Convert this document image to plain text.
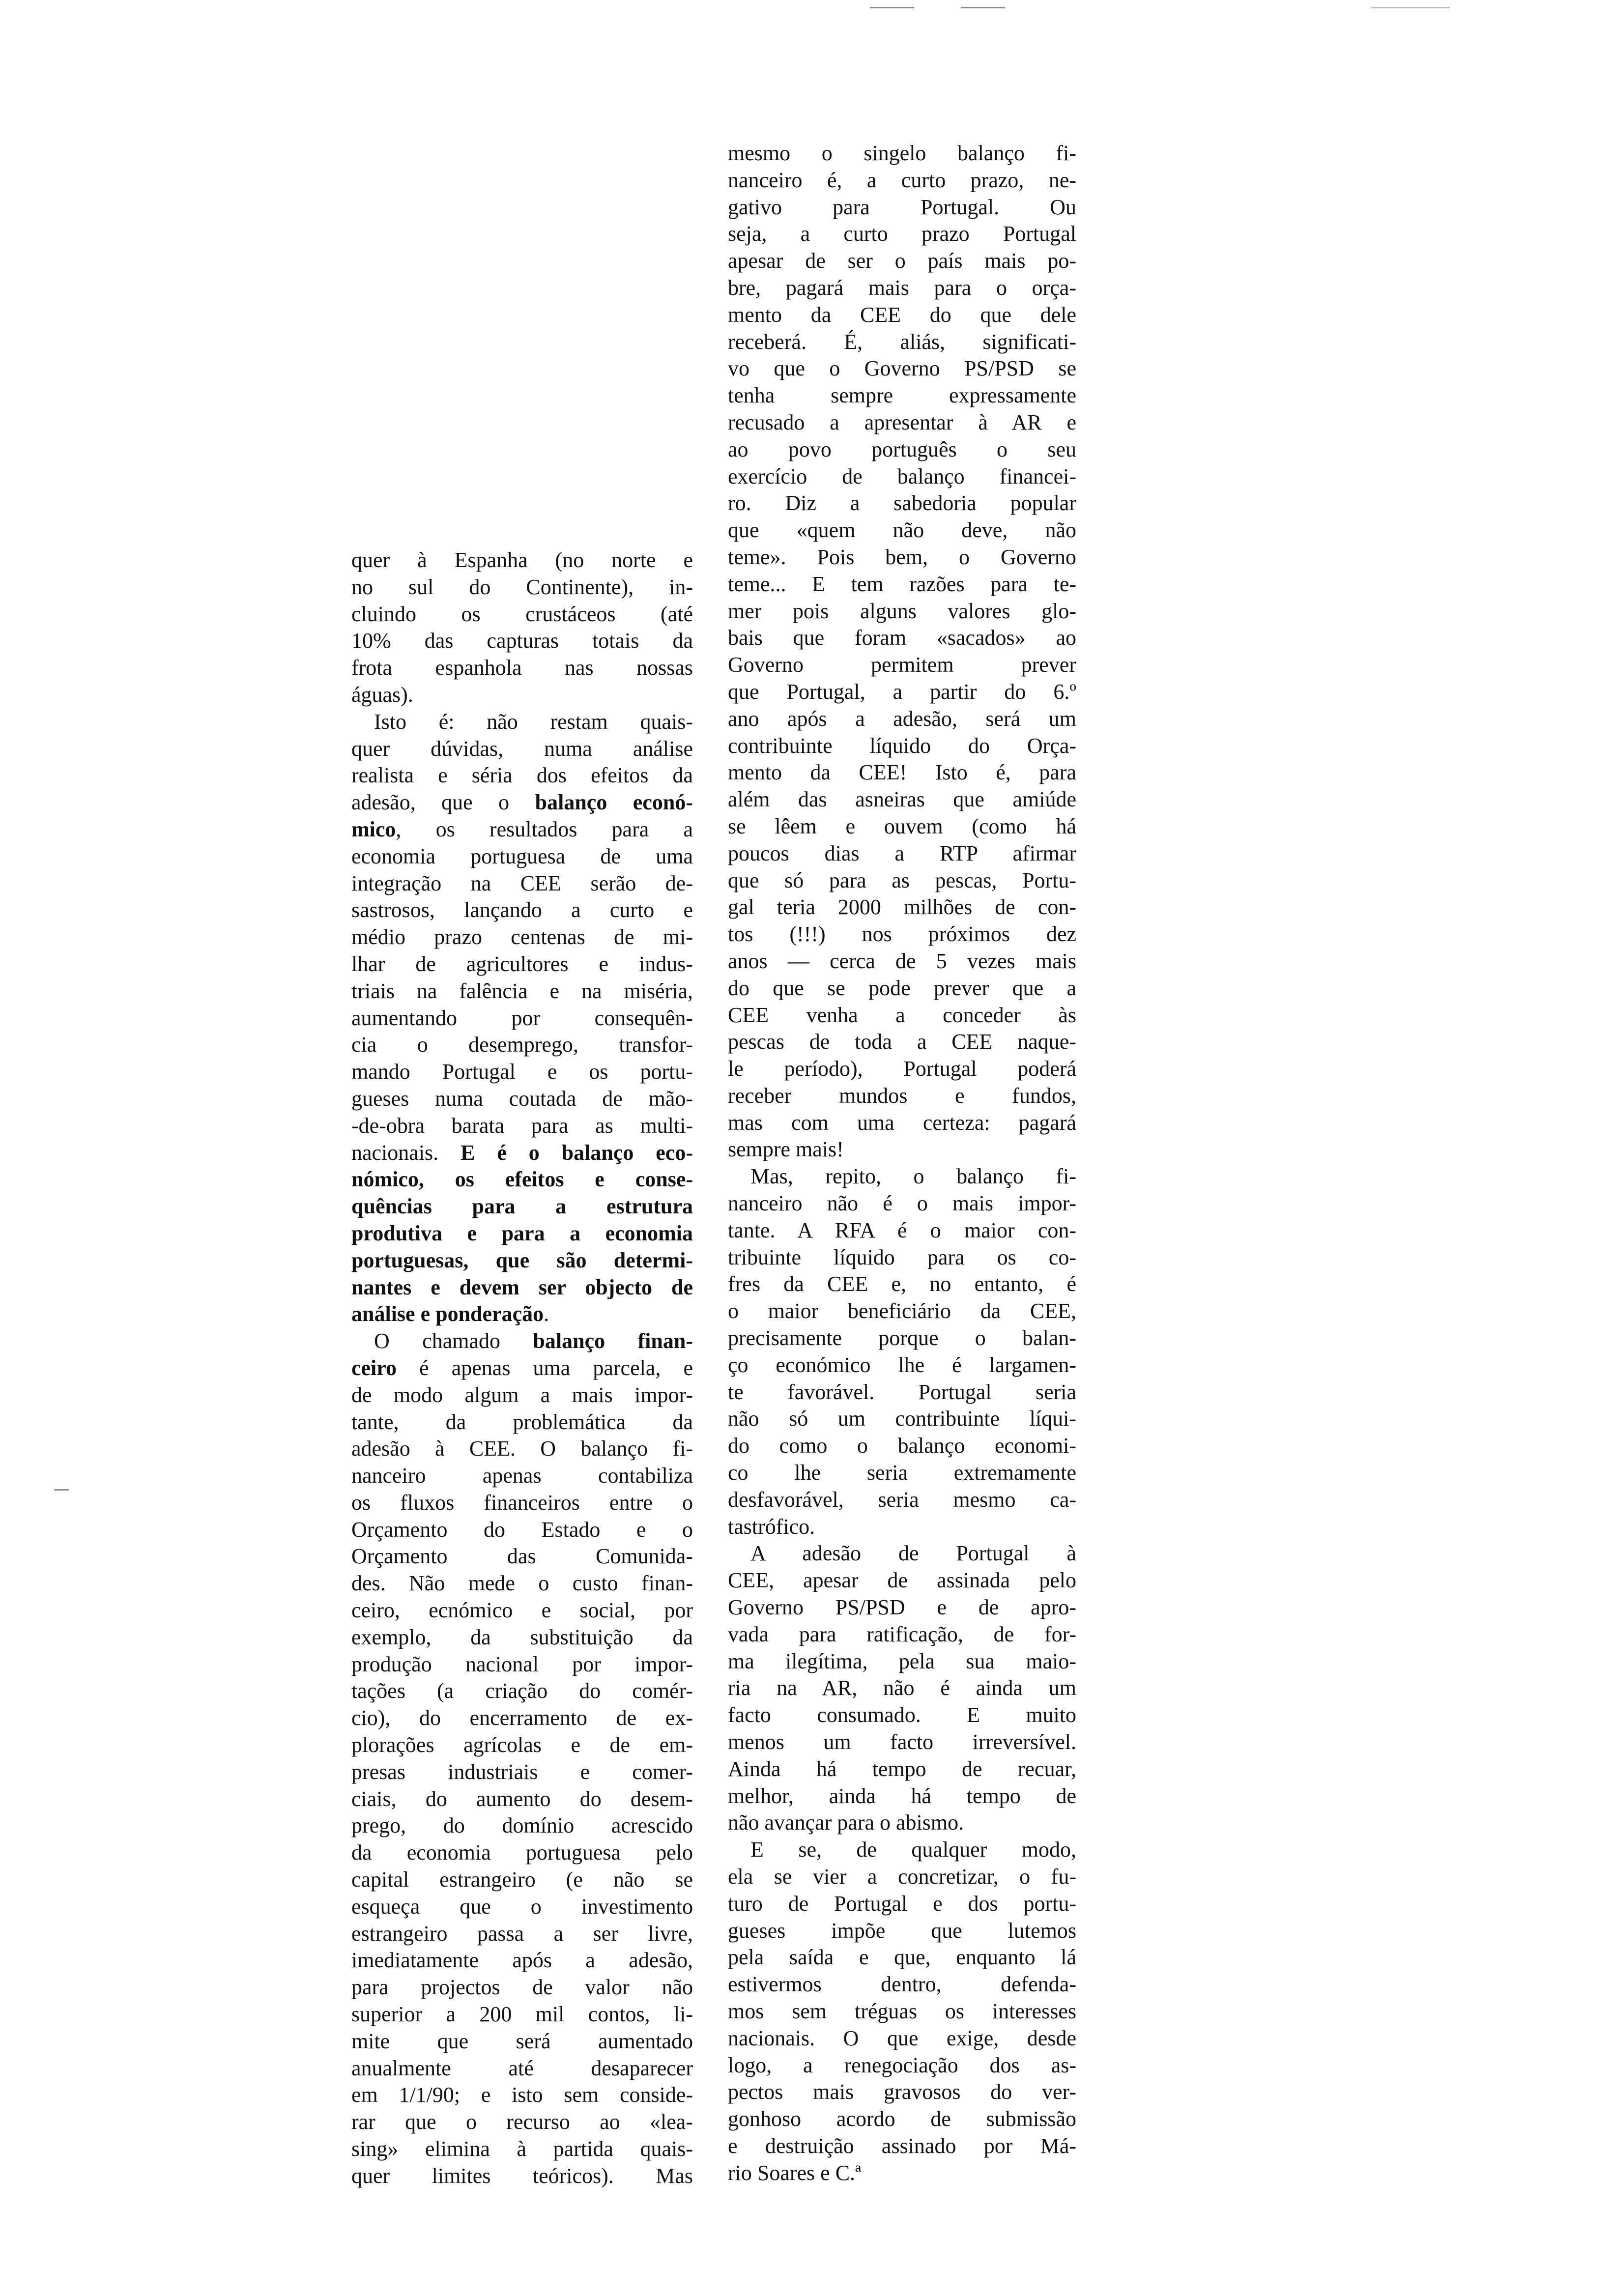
quer à Espanha (no norte e
no sul do Continente), in-
cluindo os crustáceos (até
10% das capturas totais da
frota espanhola nas nossas
águas).
Isto é: não restam quais-
quer dúvidas, numa análise
realista e séria dos efeitos da
adesão, que o balanço econó-
mico, os resultados para a
economia portuguesa de uma
integração na CEE serão de-
sastrosos, lançando a curto e
médio prazo centenas de mi-
lhar de agricultores e indus-
triais na falência e na miséria,
aumentando por consequên-
cia o desemprego, transfor-
mando Portugal e os portu-
gueses numa coutada de mão-
-de-obra barata para as multi-
nacionais. E é o balanço eco-
nómico, os efeitos e conse-
quências para a estrutura
produtiva e para a economia
portuguesas, que são determi-
nantes e devem ser objecto de
análise e ponderação.
O chamado balanço finan-
ceiro é apenas uma parcela, e
de modo algum a mais impor-
tante, da problemática da
adesão à CEE. O balanço fi-
nanceiro apenas contabiliza
os fluxos financeiros entre o
Orçamento do Estado e o
Orçamento das Comunida-
des. Não mede o custo finan-
ceiro, ecnómico e social, por
exemplo, da substituição da
produção nacional por impor-
tações (a criação do comér-
cio), do encerramento de ex-
plorações agrícolas e de em-
presas industriais e comer-
ciais, do aumento do desem-
prego, do domínio acrescido
da economia portuguesa pelo
capital estrangeiro (e não se
esqueça que o investimento
estrangeiro passa a ser livre,
imediatamente após a adesão,
para projectos de valor não
superior a 200 mil contos, li-
mite que será aumentado
anualmente até desaparecer
em 1/1/90; e isto sem conside-
rar que o recurso ao «lea-
sing» elimina à partida quais-
quer limites teóricos). Mas
mesmo o singelo balanço fi-
nanceiro é, a curto prazo, ne-
gativo para Portugal. Ou
seja, a curto prazo Portugal
apesar de ser o país mais po-
bre, pagará mais para o orça-
mento da CEE do que dele
receberá. É, aliás, significati-
vo que o Governo PS/PSD se
tenha sempre expressamente
recusado a apresentar à AR e
ao povo português o seu
exercício de balanço financei-
ro. Diz a sabedoria popular
que «quem não deve, não
teme». Pois bem, o Governo
teme... E tem razões para te-
mer pois alguns valores glo-
bais que foram «sacados» ao
Governo permitem prever
que Portugal, a partir do 6.º
ano após a adesão, será um
contribuinte líquido do Orça-
mento da CEE! Isto é, para
além das asneiras que amiúde
se lêem e ouvem (como há
poucos dias a RTP afirmar
que só para as pescas, Portu-
gal teria 2000 milhões de con-
tos (!!!) nos próximos dez
anos — cerca de 5 vezes mais
do que se pode prever que a
CEE venha a conceder às
pescas de toda a CEE naque-
le período), Portugal poderá
receber mundos e fundos,
mas com uma certeza: pagará
sempre mais!
Mas, repito, o balanço fi-
nanceiro não é o mais impor-
tante. A RFA é o maior con-
tribuinte líquido para os co-
fres da CEE e, no entanto, é
o maior beneficiário da CEE,
precisamente porque o balan-
ço económico lhe é largamen-
te favorável. Portugal seria
não só um contribuinte líqui-
do como o balanço economi-
co lhe seria extremamente
desfavorável, seria mesmo ca-
tastrófico.
A adesão de Portugal à
CEE, apesar de assinada pelo
Governo PS/PSD e de apro-
vada para ratificação, de for-
ma ilegítima, pela sua maio-
ria na AR, não é ainda um
facto consumado. E muito
menos um facto irreversível.
Ainda há tempo de recuar,
melhor, ainda há tempo de
não avançar para o abismo.
E se, de qualquer modo,
ela se vier a concretizar, o fu-
turo de Portugal e dos portu-
gueses impõe que lutemos
pela saída e que, enquanto lá
estivermos dentro, defenda-
mos sem tréguas os interesses
nacionais. O que exige, desde
logo, a renegociação dos as-
pectos mais gravosos do ver-
gonhoso acordo de submissão
e destruição assinado por Má-
rio Soares e C.ª
